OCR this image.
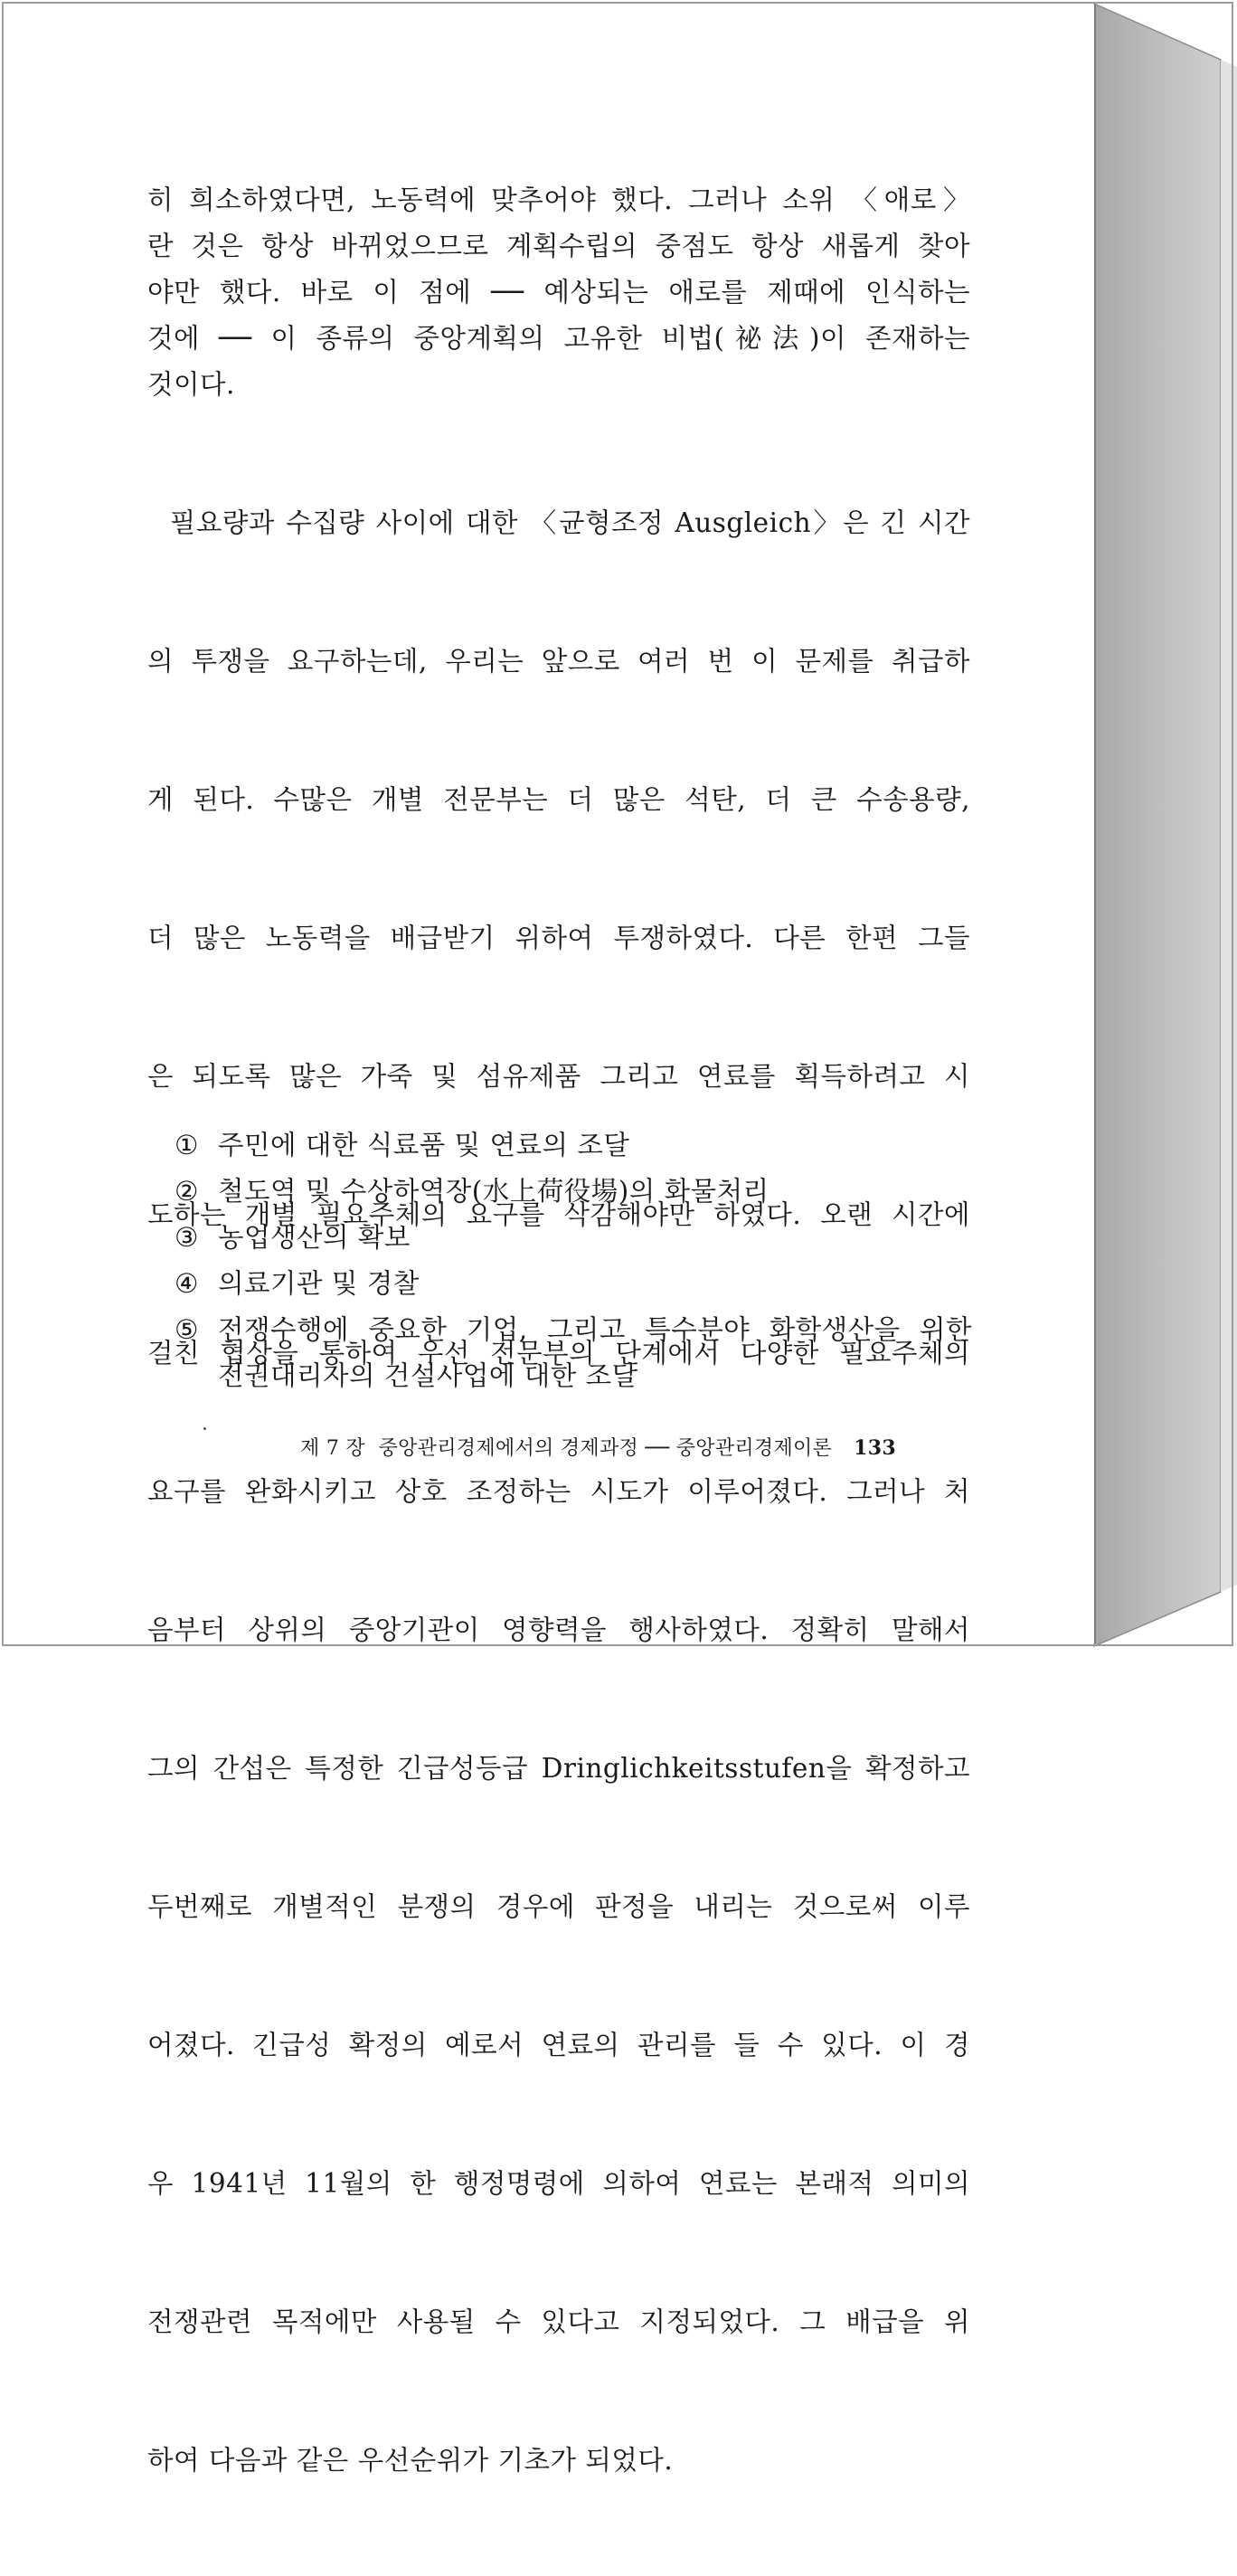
히 희소하였다면, 노동력에 맞추어야 했다. 그러나 소위 〈애로〉
란 것은 항상 바뀌었으므로 계획수립의 중점도 항상 새롭게 찾아
야만 했다. 바로 이 점에 ── 예상되는 애로를 제때에 인식하는
것에 ── 이 종류의 중앙계획의 고유한 비법(祕法)이 존재하는
것이다.

필요량과 수집량 사이에 대한 〈균형조정 Ausgleich〉은 긴 시간

의 투쟁을 요구하는데, 우리는 앞으로 여러 번 이 문제를 취급하

게 된다. 수많은 개별 전문부는 더 많은 석탄, 더 큰 수송용량,

더 많은 노동력을 배급받기 위하여 투쟁하였다. 다른 한편 그들

은 되도록 많은 가죽 및 섬유제품 그리고 연료를 획득하려고 시

도하는 개별 필요주체의 요구를 삭감해야만 하였다. 오랜 시간에

걸친 협상을 통하여 우선 전문부의 단계에서 다양한 필요주체의

요구를 완화시키고 상호 조정하는 시도가 이루어졌다. 그러나 처

음부터 상위의 중앙기관이 영향력을 행사하였다. 정확히 말해서

그의 간섭은 특정한 긴급성등급 Dringlichkeitsstufen을 확정하고

두번째로 개별적인 분쟁의 경우에 판정을 내리는 것으로써 이루

어졌다. 긴급성 확정의 예로서 연료의 관리를 들 수 있다. 이 경

우 1941년 11월의 한 행정명령에 의하여 연료는 본래적 의미의

전쟁관련 목적에만 사용될 수 있다고 지정되었다. 그 배급을 위

하여 다음과 같은 우선순위가 기초가 되었다.

① 주민에 대한 식료품 및 연료의 조달
② 철도역 및 수상하역장(水上荷役場)의 화물처리
③ 농업생산의 확보
④ 의료기관 및 경찰
⑤ 전쟁수행에 중요한 기업, 그리고 특수분야 화학생산을 위한
전권대리자의 건설사업에 대한 조달
제 7 장  중앙관리경제에서의 경제과정 ── 중앙관리경제이론 133
